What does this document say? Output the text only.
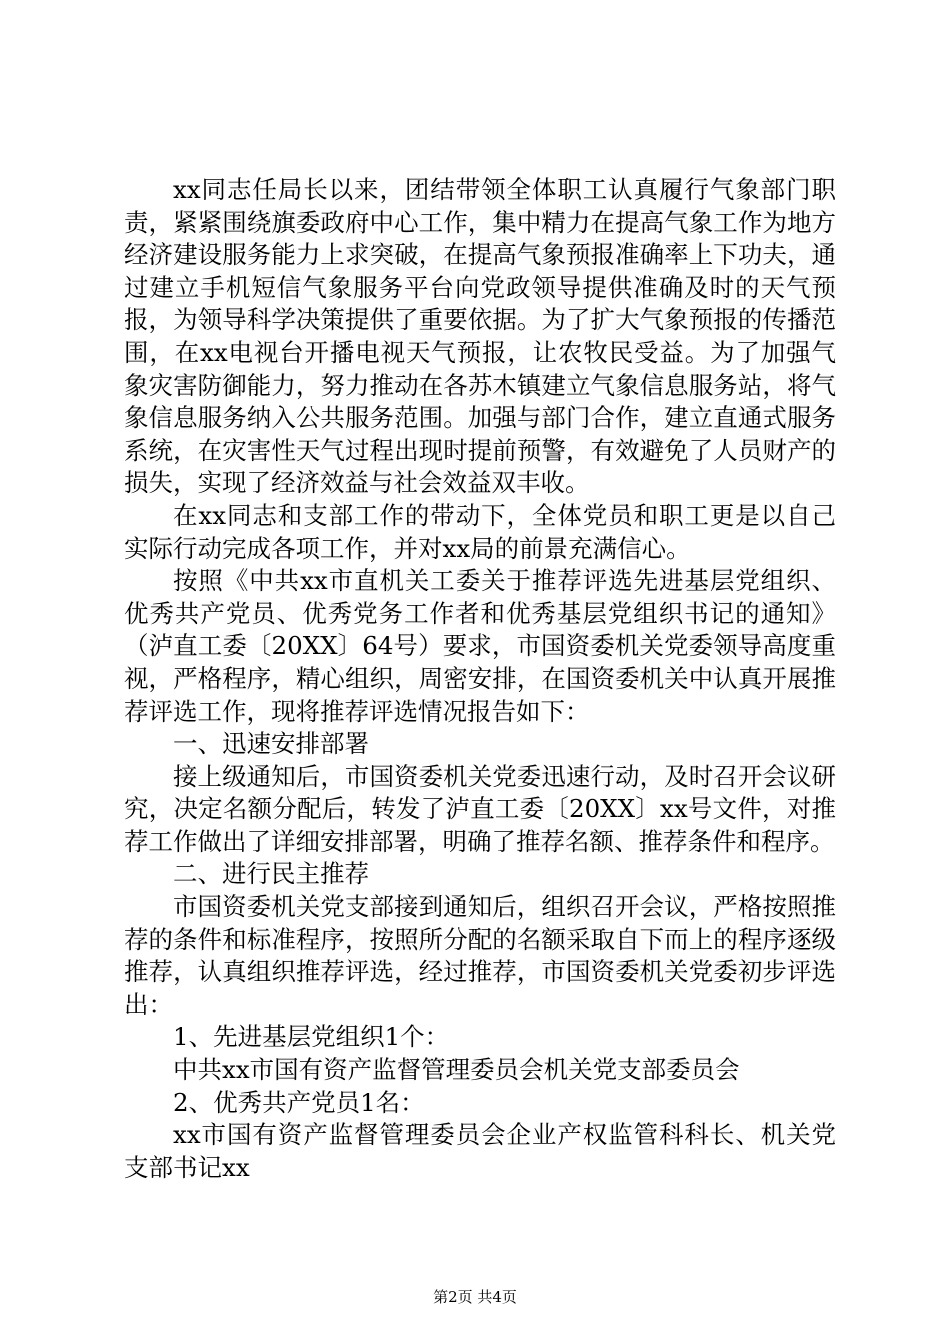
xx同志任局长以来，团结带领全体职工认真履行气象部门职责，紧紧围绕旗委政府中心工作，集中精力在提高气象工作为地方经济建设服务能力上求突破，在提高气象预报准确率上下功夫，通过建立手机短信气象服务平台向党政领导提供准确及时的天气预报，为领导科学决策提供了重要依据。为了扩大气象预报的传播范围，在xx电视台开播电视天气预报，让农牧民受益。为了加强气象灾害防御能力，努力推动在各苏木镇建立气象信息服务站，将气象信息服务纳入公共服务范围。加强与部门合作，建立直通式服务系统，在灾害性天气过程出现时提前预警，有效避免了人员财产的损失，实现了经济效益与社会效益双丰收。

在xx同志和支部工作的带动下，全体党员和职工更是以自己实际行动完成各项工作，并对xx局的前景充满信心。

按照《中共xx市直机关工委关于推荐评选先进基层党组织、优秀共产党员、优秀党务工作者和优秀基层党组织书记的通知》（泸直工委〔20XX〕64号）要求，市国资委机关党委领导高度重视，严格程序，精心组织，周密安排，在国资委机关中认真开展推荐评选工作，现将推荐评选情况报告如下：

一、迅速安排部署

接上级通知后，市国资委机关党委迅速行动，及时召开会议研究，决定名额分配后，转发了泸直工委〔20XX〕xx号文件，对推荐工作做出了详细安排部署，明确了推荐名额、推荐条件和程序。

二、进行民主推荐

市国资委机关党支部接到通知后，组织召开会议，严格按照推荐的条件和标准程序，按照所分配的名额采取自下而上的程序逐级推荐，认真组织推荐评选，经过推荐，市国资委机关党委初步评选出：

1、先进基层党组织1个：

中共xx市国有资产监督管理委员会机关党支部委员会

2、优秀共产党员1名：

xx市国有资产监督管理委员会企业产权监管科科长、机关党支部书记xx

第2页 共4页
